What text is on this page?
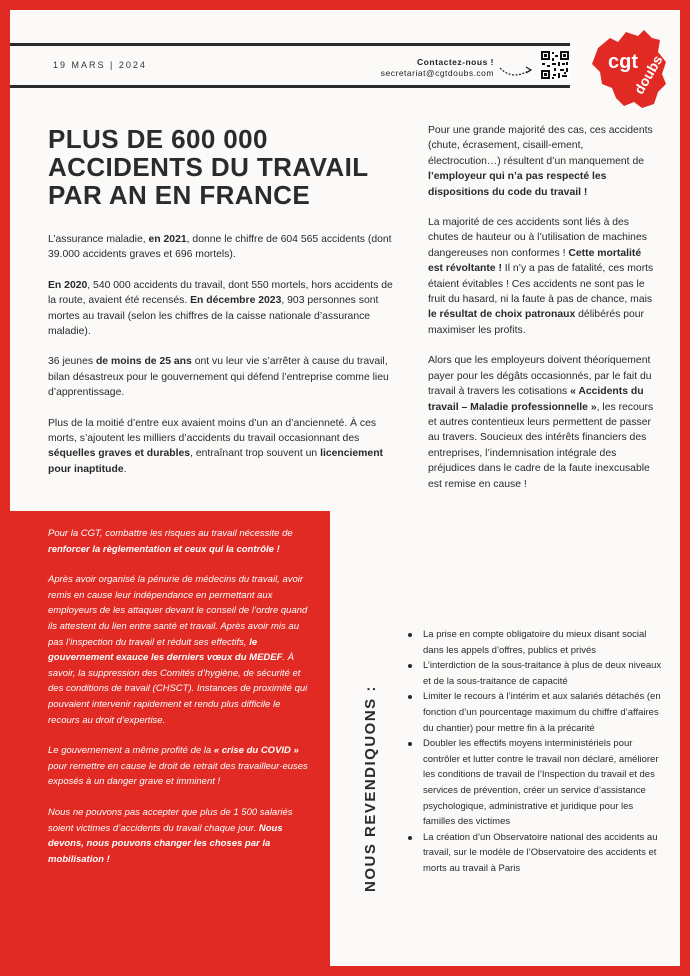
19 MARS | 2024	Contactez-nous !
secretariat@cgtdoubs.com	cgt
doubs
PLUS DE 600 000 ACCIDENTS DU TRAVAIL PAR AN EN FRANCE

L’assurance maladie, en 2021, donne le chiffre de 604 565 accidents (dont 39.000 accidents graves et 696 mortels).

En 2020, 540 000 accidents du travail, dont 550 mortels, hors accidents de la route, avaient été recensés. En décembre 2023, 903 personnes sont mortes au travail (selon les chiffres de la caisse nationale d’assurance maladie).

36 jeunes de moins de 25 ans ont vu leur vie s’arrêter à cause du travail, bilan désastreux pour le gouvernement qui défend l’entreprise comme lieu d’apprentissage.

Plus de la moitié d’entre eux avaient moins d’un an d’ancienneté. À ces morts, s’ajoutent les milliers d’accidents du travail occasionnant des séquelles graves et durables, entraînant trop souvent un licenciement pour inaptitude.

Pour une grande majorité des cas, ces accidents (chute, écrasement, cisaill-ement, électrocution…) résultent d’un manquement de l’employeur qui n’a pas respecté les dispositions du code du travail !

La majorité de ces accidents sont liés à des chutes de hauteur ou à l’utilisation de machines dangereuses non conformes ! Cette mortalité est révoltante ! Il n’y a pas de fatalité, ces morts étaient évitables ! Ces accidents ne sont pas le fruit du hasard, ni la faute à pas de chance, mais le résultat de choix patronaux délibérés pour maximiser les profits.

Alors que les employeurs doivent théoriquement payer pour les dégâts occasionnés, par le fait du travail à travers les cotisations « Accidents du travail – Maladie professionnelle », les recours et autres contentieux leurs permettent de passer au travers. Soucieux des intérêts financiers des entreprises, l’indemnisation intégrale des préjudices dans le cadre de la faute inexcusable est remise en cause !

Pour la CGT, combattre les risques au travail nécessite de renforcer la règlementation et ceux qui la contrôle !

Après avoir organisé la pénurie de médecins du travail, avoir remis en cause leur indépendance en permettant aux employeurs de les attaquer devant le conseil de l’ordre quand ils attestent du lien entre santé et travail. Après avoir mis au pas l’inspection du travail et réduit ses effectifs, le gouvernement exauce les derniers vœux du MEDEF. À savoir, la suppression des Comités d’hygiène, de sécurité et des conditions de travail (CHSCT). Instances de proximité qui pouvaient intervenir rapidement et rendu plus difficile le recours au droit d’expertise.

Le gouvernement a même profité de la « crise du COVID » pour remettre en cause le droit de retrait des travailleur·euses exposés à un danger grave et imminent !

Nous ne pouvons pas accepter que plus de 1 500 salariés soient victimes d’accidents du travail chaque jour. Nous devons, nous pouvons changer les choses par la mobilisation !	NOUS REVENDIQUONS :
La prise en compte obligatoire du mieux disant social dans les appels d’offres, publics et privés
L’interdiction de la sous-traitance à plus de deux niveaux et de la sous-traitance de capacité
Limiter le recours à l’intérim et aux salariés détachés (en fonction d’un pourcentage maximum du chiffre d’affaires du chantier) pour mettre fin à la précarité
Doubler les effectifs moyens interministériels pour contrôler et lutter contre le travail non déclaré, améliorer les conditions de travail de l’Inspection du travail et des services de prévention, créer un service d’assistance psychologique, administrative et juridique pour les familles des victimes
La création d’un Observatoire national des accidents au travail, sur le modèle de l’Observatoire des accidents et morts au travail à Paris
